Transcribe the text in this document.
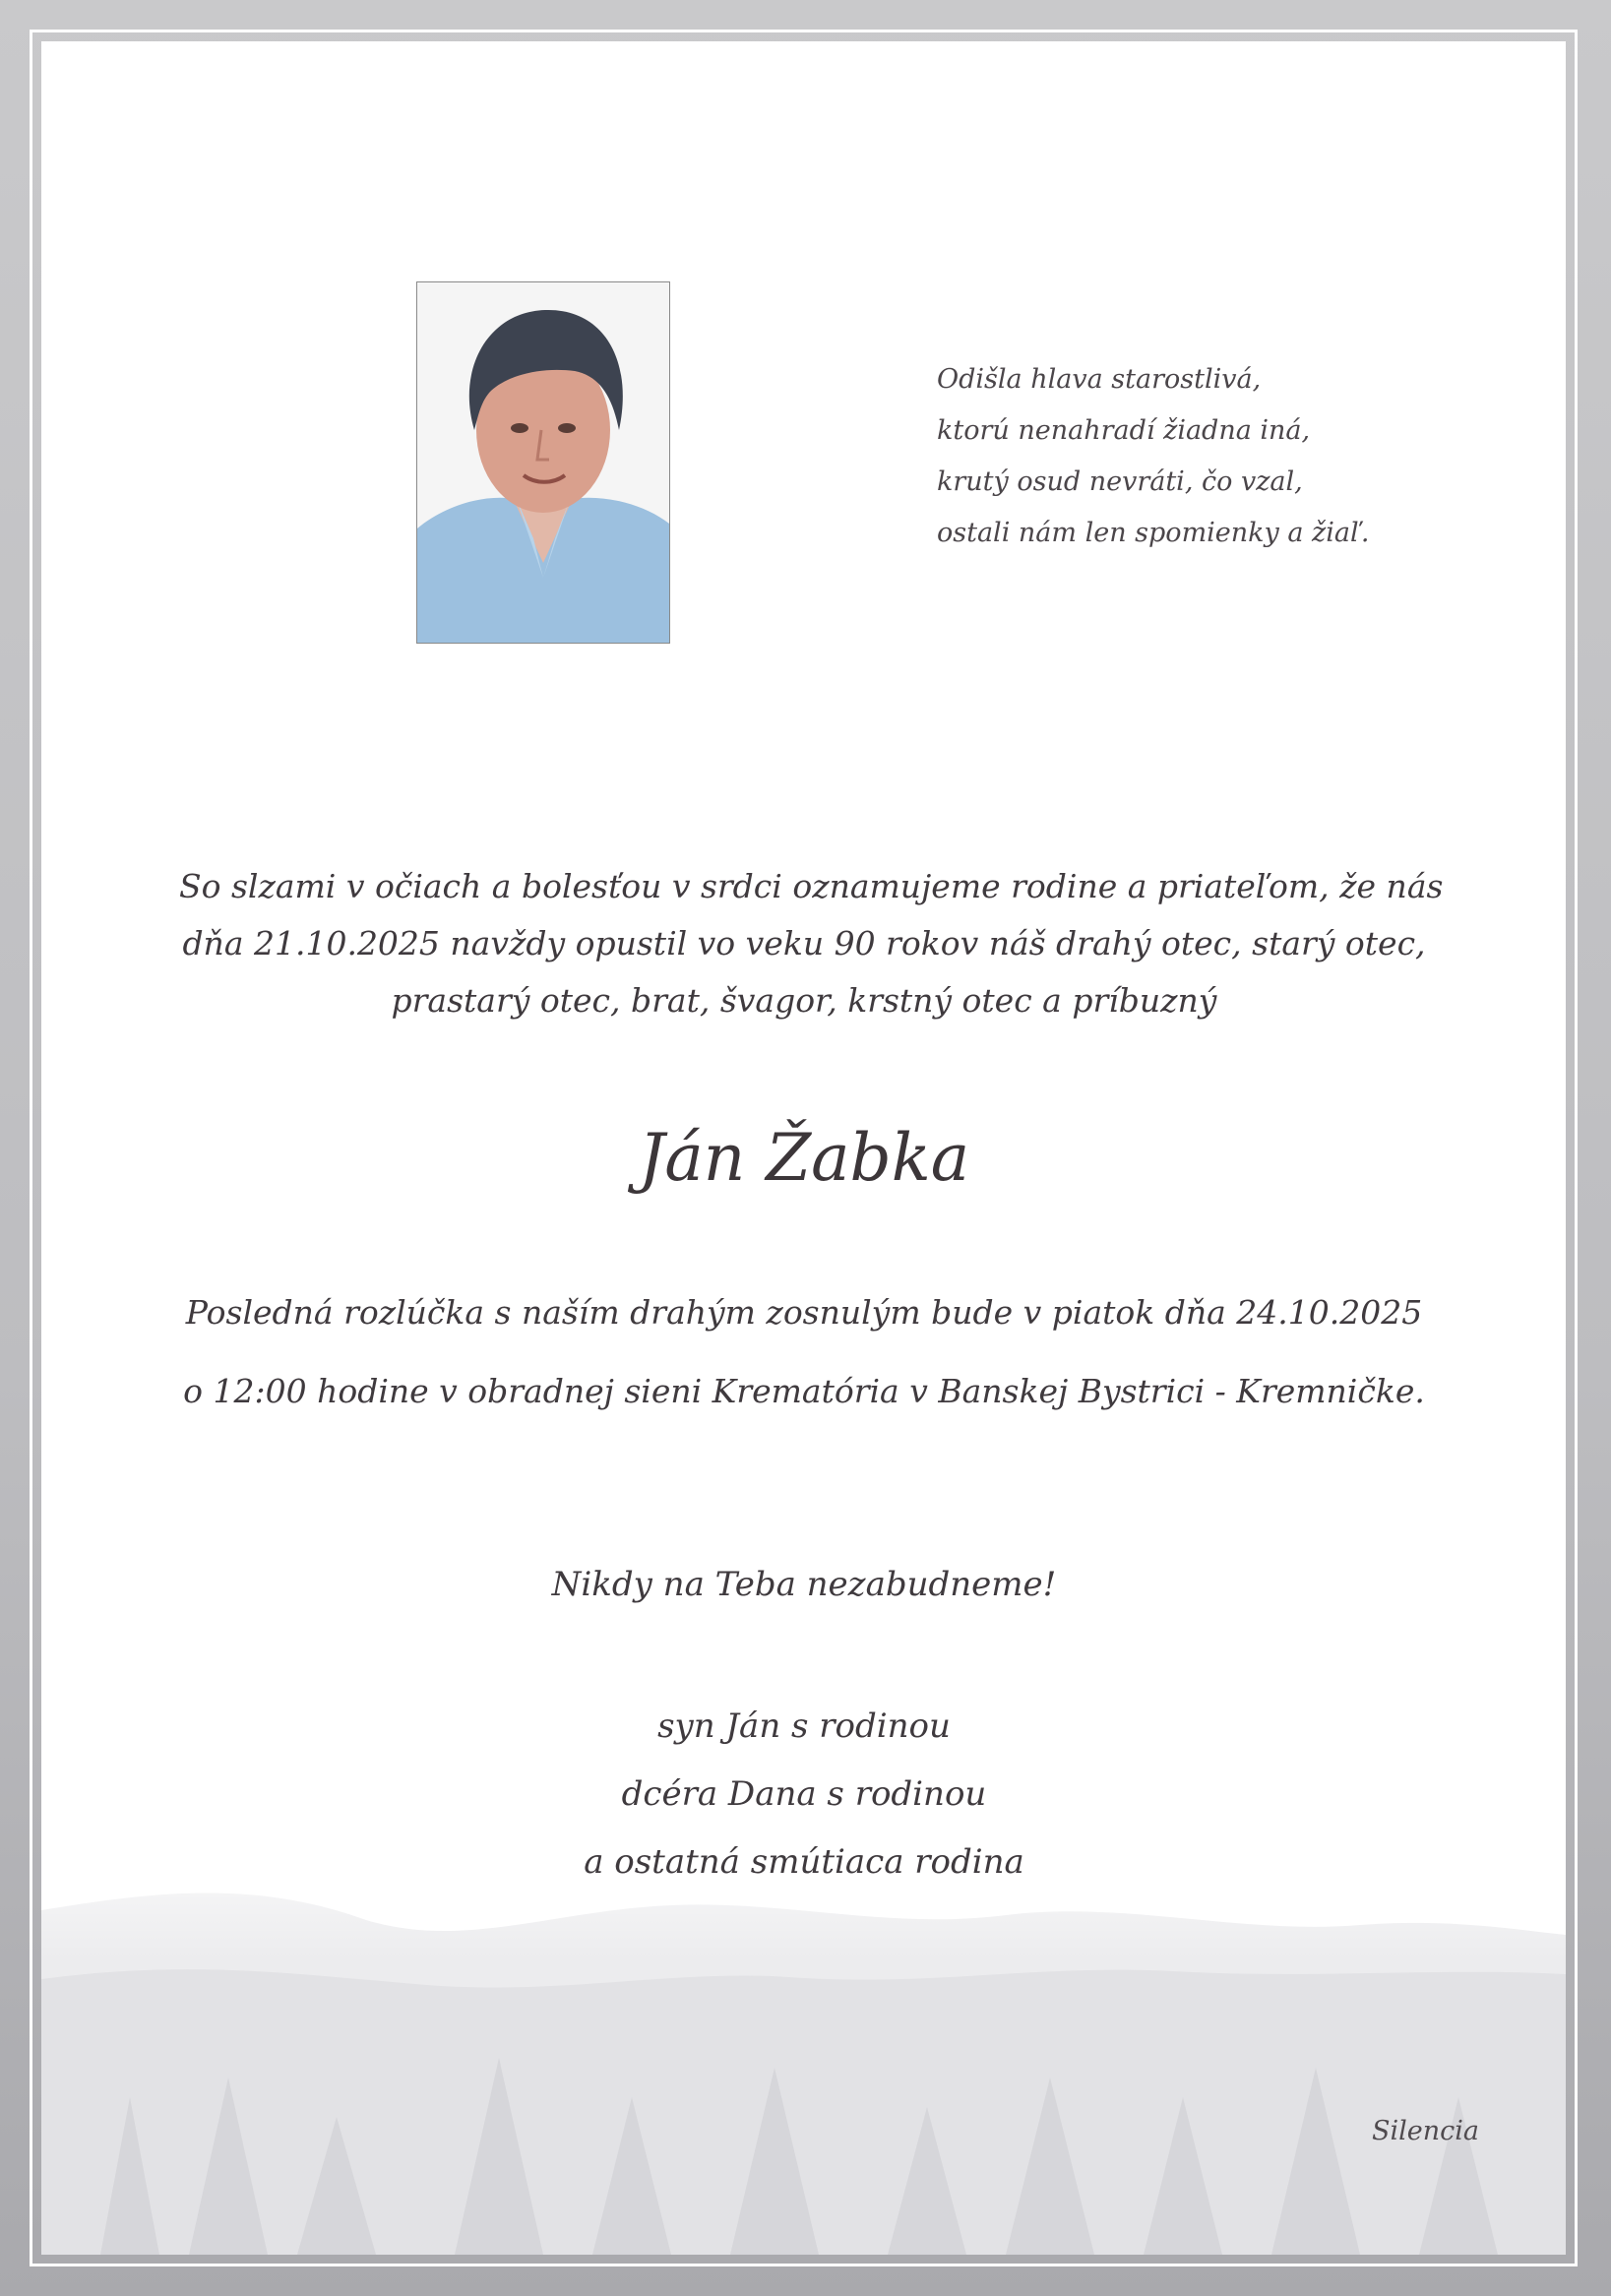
Odišla hlava starostlivá,
ktorú nenahradí žiadna iná,
krutý osud nevráti, čo vzal,
ostali nám len spomienky a žiaľ.
So slzami v očiach a bolesťou v srdci oznamujeme rodine a priateľom, že nás
dňa 21.10.2025 navždy opustil vo veku 90 rokov náš drahý otec, starý otec,
prastarý otec, brat, švagor, krstný otec a príbuzný
Ján Žabka
Posledná rozlúčka s naším drahým zosnulým bude v piatok dňa 24.10.2025
o 12:00 hodine v obradnej sieni Krematória v Banskej Bystrici - Kremničke.
Nikdy na Teba nezabudneme!
syn Ján s rodinou
dcéra Dana s rodinou
a ostatná smútiaca rodina
Silencia
